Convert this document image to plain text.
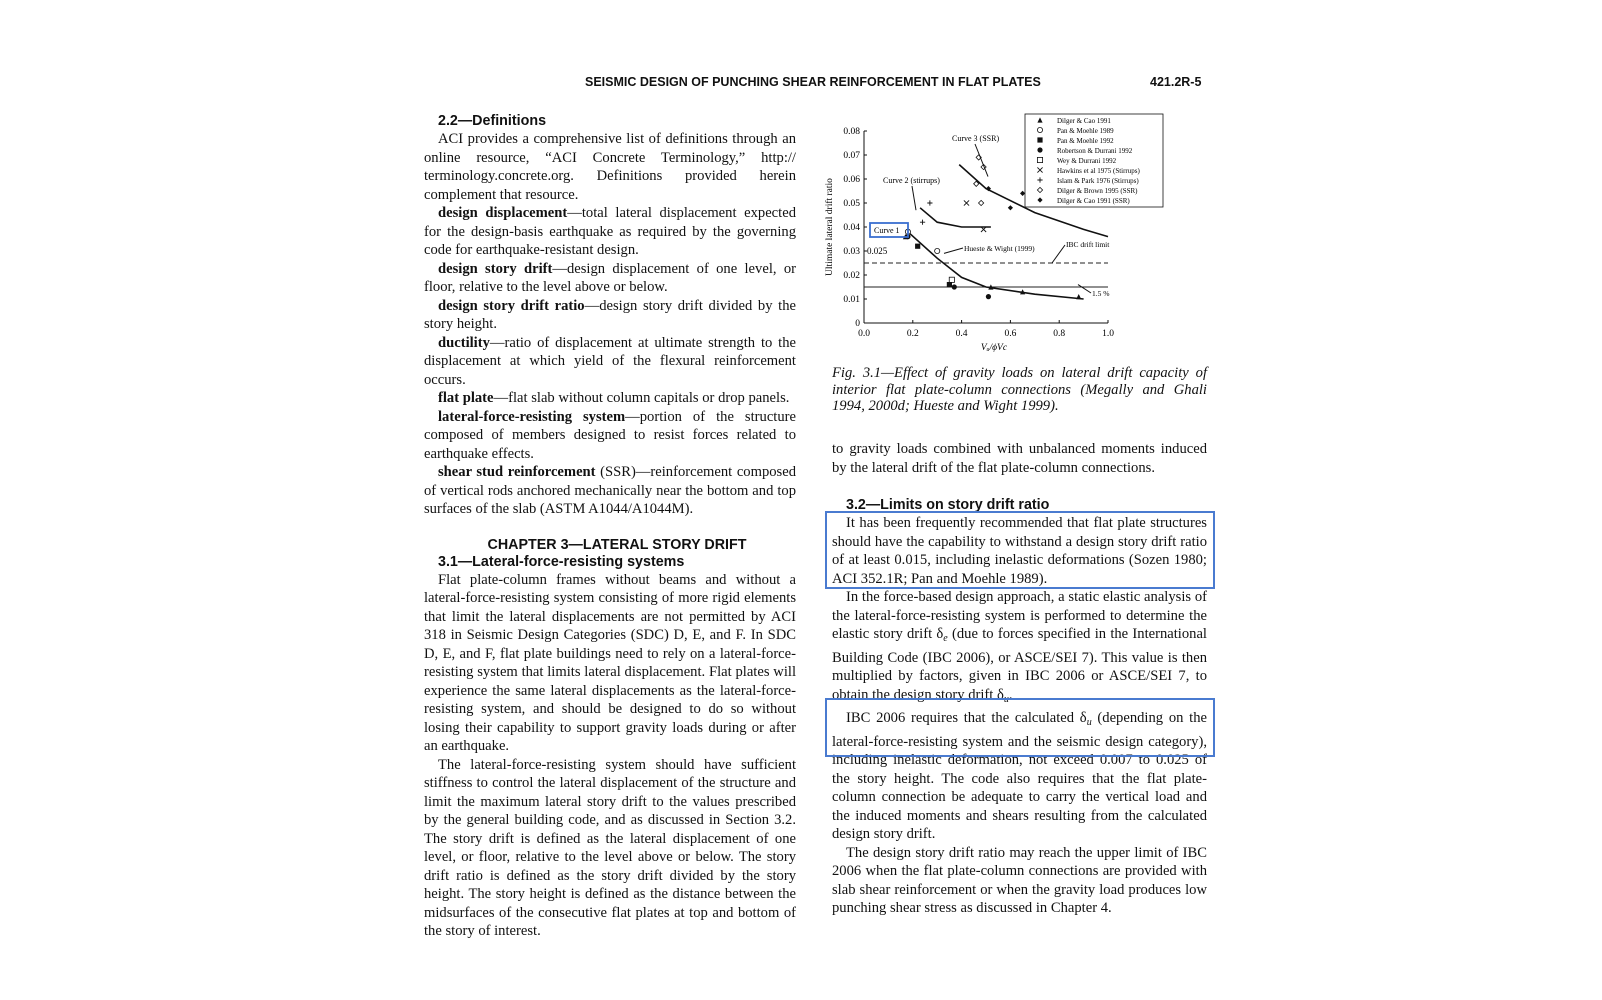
SEISMIC DESIGN OF PUNCHING SHEAR REINFORCEMENT IN FLAT PLATES	421.2R-5

2.2—Definitions

ACI provides a comprehensive list of definitions through an online resource, “ACI Concrete Terminology,” http:// terminology.concrete.org. Definitions provided herein complement that resource.

design displacement—total lateral displacement expected for the design-basis earthquake as required by the governing code for earthquake-resistant design.

design story drift—design displacement of one level, or floor, relative to the level above or below.

design story drift ratio—design story drift divided by the story height.

ductility—ratio of displacement at ultimate strength to the displacement at which yield of the flexural reinforcement occurs.

flat plate—flat slab without column capitals or drop panels.

lateral-force-resisting system—portion of the structure composed of members designed to resist forces related to earthquake effects.

shear stud reinforcement (SSR)—reinforcement composed of vertical rods anchored mechanically near the bottom and top surfaces of the slab (ASTM A1044/A1044M).

CHAPTER 3—LATERAL STORY DRIFT

3.1—Lateral-force-resisting systems

Flat plate-column frames without beams and without a lateral-force-resisting system consisting of more rigid elements that limit the lateral displacements are not permitted by ACI 318 in Seismic Design Categories (SDC) D, E, and F. In SDC D, E, and F, flat plate buildings need to rely on a lateral-force-resisting system that limits lateral displacement. Flat plates will experience the same lateral displacements as the lateral-force-resisting system, and should be designed to do so without losing their capability to support gravity loads during or after an earthquake.

The lateral-force-resisting system should have sufficient stiffness to control the lateral displacement of the structure and limit the maximum lateral story drift to the values prescribed by the general building code, and as discussed in Section 3.2. The story drift is defined as the lateral displacement of one level, or floor, relative to the level above or below. The story drift ratio is defined as the story drift divided by the story height. The story height is defined as the distance between the midsurfaces of the consecutive flat plates at top and bottom of the story of interest.

0.0	0.2	0.4	0.6	0.8	1.0
0
0.01
0.02
0.03
0.04
0.05
0.06
0.07
0.08
Ultimate lateral drift ratio
Vᵤ/ϕVc
Curve 3 (SSR)
Curve 2 (stirrups)
Curve 1
0.025	Hueste & Wight (1999)	IBC drift limit
1.5 %
Dilger & Cao 1991
Pan & Moehle 1989
Pan & Moehle 1992
Robertson & Durrani 1992
Wey & Durrani 1992
Hawkins et al 1975 (Stirrups)
Islam & Park 1976 (Stirrups)
Dilger & Brown 1995 (SSR)
Dilger & Cao 1991 (SSR)
Fig. 3.1—Effect of gravity loads on lateral drift capacity of interior flat plate-column connections (Megally and Ghali 1994, 2000d; Hueste and Wight 1999).

to gravity loads combined with unbalanced moments induced by the lateral drift of the flat plate-column connections.

3.2—Limits on story drift ratio

It has been frequently recommended that flat plate structures should have the capability to withstand a design story drift ratio of at least 0.015, including inelastic deformations (Sozen 1980; ACI 352.1R; Pan and Moehle 1989).

In the force-based design approach, a static elastic analysis of the lateral-force-resisting system is performed to determine the elastic story drift $\delta_e$ (due to forces specified in the International Building Code (IBC 2006), or ASCE/SEI 7). This value is then multiplied by factors, given in IBC 2006 or ASCE/SEI 7, to obtain the design story drift $\delta_u$.

IBC 2006 requires that the calculated $\delta_u$ (depending on the lateral-force-resisting system and the seismic design category), including inelastic deformation, not exceed 0.007 to 0.025 of the story height. The code also requires that the flat plate-column connection be adequate to carry the vertical load and the induced moments and shears resulting from the calculated design story drift.

The design story drift ratio may reach the upper limit of IBC 2006 when the flat plate-column connections are provided with slab shear reinforcement or when the gravity load produces low punching shear stress as discussed in Chapter 4.
